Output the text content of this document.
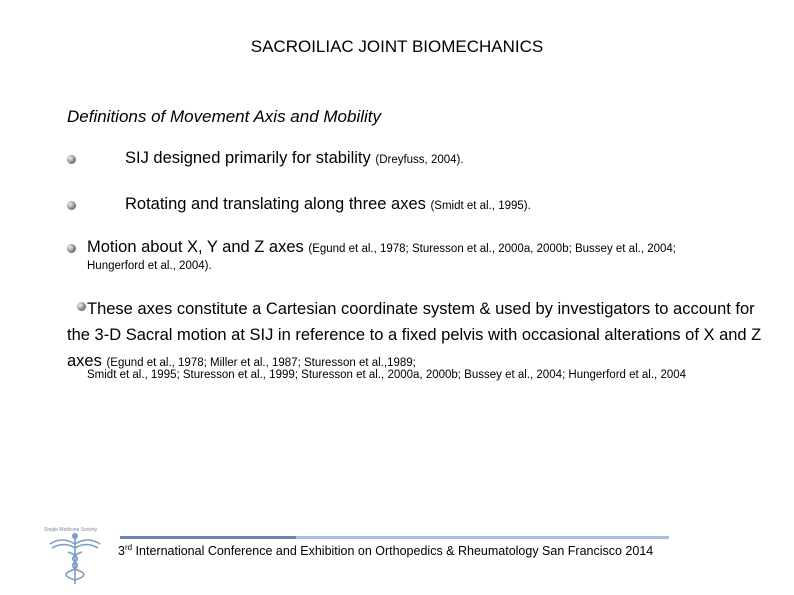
SACROILIAC JOINT BIOMECHANICS
Definitions of Movement Axis and Mobility
SIJ designed primarily for stability (Dreyfuss, 2004).
Rotating and translating along three axes (Smidt et al., 1995).
Motion about X, Y and Z axes (Egund et al., 1978; Sturesson et al., 2000a, 2000b; Bussey et al., 2004;
Hungerford et al., 2004).
These axes constitute a Cartesian coordinate system & used by investigators to account for the 3-D Sacral motion at SIJ in reference to a fixed pelvis with occasional alterations of X and Z axes (Egund et al., 1978; Miller et al., 1987; Sturesson et al.,1989;
Smidt et al., 1995; Sturesson et al., 1999; Sturesson et al., 2000a, 2000b; Bussey et al., 2004; Hungerford et al., 2004
Single Medicine Society
3rd International Conference and Exhibition on Orthopedics & Rheumatology San Francisco 2014
